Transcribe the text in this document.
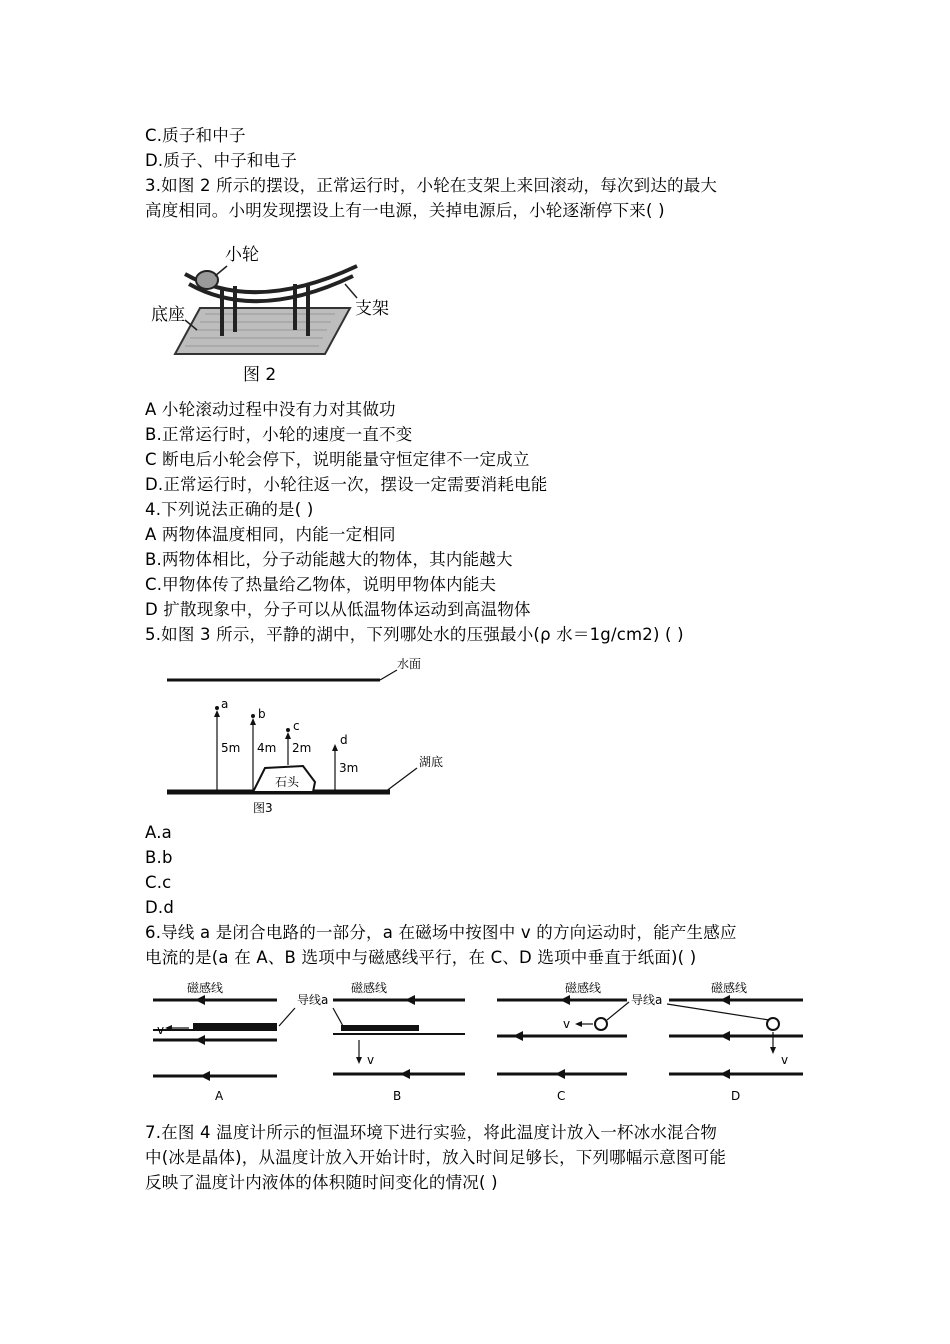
C.质子和中子
D.质子、中子和电子
3.如图 2 所示的摆设，正常运行时，小轮在支架上来回滚动，每次到达的最大
高度相同。小明发现摆设上有一电源，关掉电源后，小轮逐渐停下来( )
小轮
支架
底座
图 2
A 小轮滚动过程中没有力对其做功
B.正常运行时，小轮的速度一直不变
C 断电后小轮会停下，说明能量守恒定律不一定成立
D.正常运行时，小轮往返一次，摆设一定需要消耗电能
4.下列说法正确的是( )
A 两物体温度相同，内能一定相同
B.两物体相比，分子动能越大的物体，其内能越大
C.甲物体传了热量给乙物体，说明甲物体内能夫
D 扩散现象中，分子可以从低温物体运动到高温物体
5.如图 3 所示，平静的湖中，下列哪处水的压强最小(ρ 水＝1g/cm2) ( )
水面
湖底
石头
a
5m
b
4m
c
2m
d
3m
图3
A.a
B.b
C.c
D.d
6.导线 a 是闭合电路的一部分，a 在磁场中按图中 v 的方向运动时，能产生感应
电流的是(a 在 A、B 选项中与磁感线平行，在 C、D 选项中垂直于纸面)( )
磁感线
v
A
导线a
磁感线
v
B
磁感线
v
C
导线a
磁感线
v
D
7.在图 4 温度计所示的恒温环境下进行实验，将此温度计放入一杯冰水混合物
中(冰是晶体)，从温度计放入开始计时，放入时间足够长，下列哪幅示意图可能
反映了温度计内液体的体积随时间变化的情况( )
